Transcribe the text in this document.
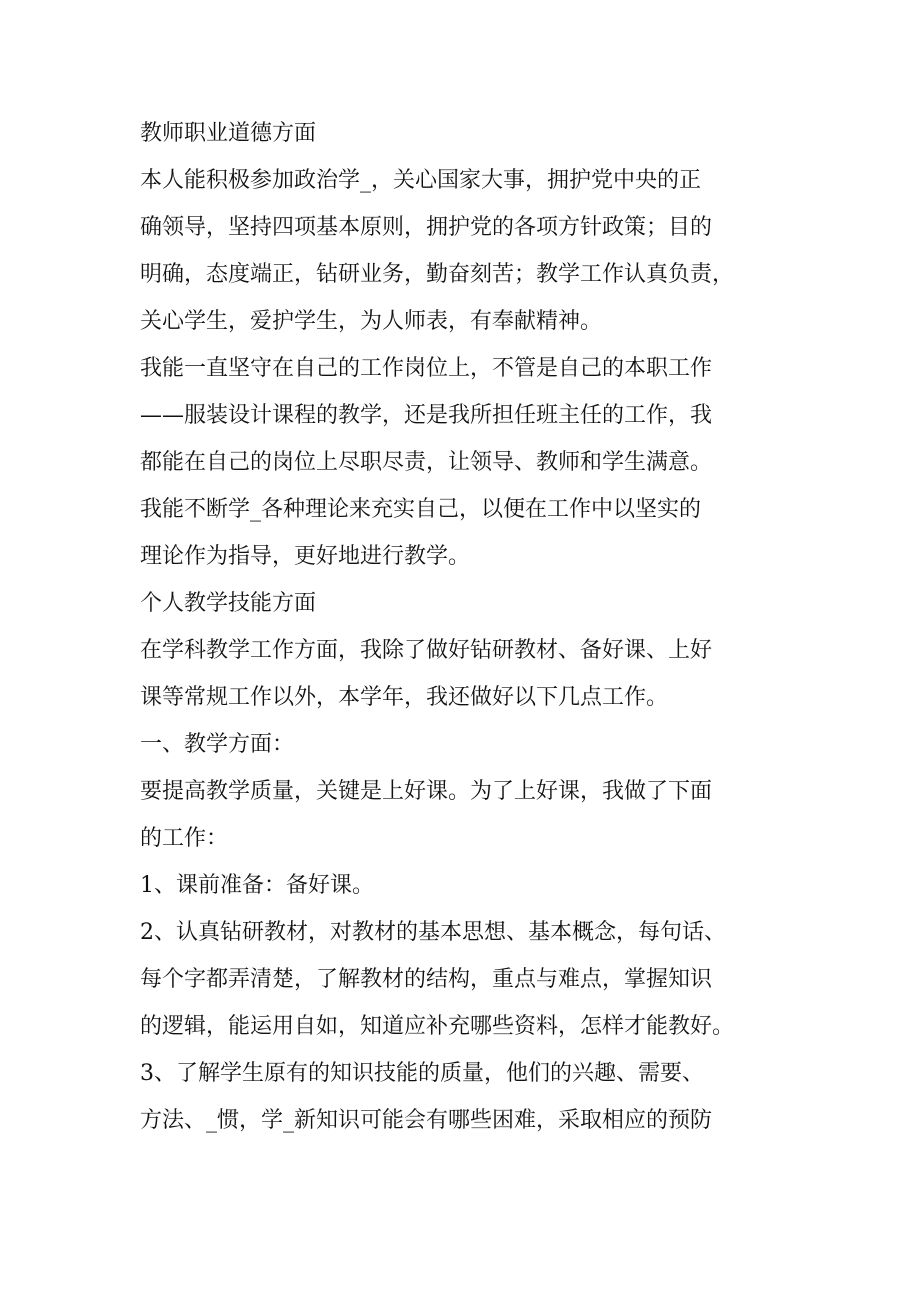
教师职业道德方面

本人能积极参加政治学_，关心国家大事，拥护党中央的正
确领导，坚持四项基本原则，拥护党的各项方针政策；目的
明确，态度端正，钻研业务，勤奋刻苦；教学工作认真负责，
关心学生，爱护学生，为人师表，有奉献精神。

我能一直坚守在自己的工作岗位上，不管是自己的本职工作
——服装设计课程的教学，还是我所担任班主任的工作，我
都能在自己的岗位上尽职尽责，让领导、教师和学生满意。

我能不断学_各种理论来充实自己，以便在工作中以坚实的
理论作为指导，更好地进行教学。

个人教学技能方面

在学科教学工作方面，我除了做好钻研教材、备好课、上好
课等常规工作以外，本学年，我还做好以下几点工作。

一、教学方面：

要提高教学质量，关键是上好课。为了上好课，我做了下面
的工作：

1、课前准备：备好课。

2、认真钻研教材，对教材的基本思想、基本概念，每句话、
每个字都弄清楚，了解教材的结构，重点与难点，掌握知识
的逻辑，能运用自如，知道应补充哪些资料，怎样才能教好。

3、了解学生原有的知识技能的质量，他们的兴趣、需要、
方法、_惯，学_新知识可能会有哪些困难，采取相应的预防
